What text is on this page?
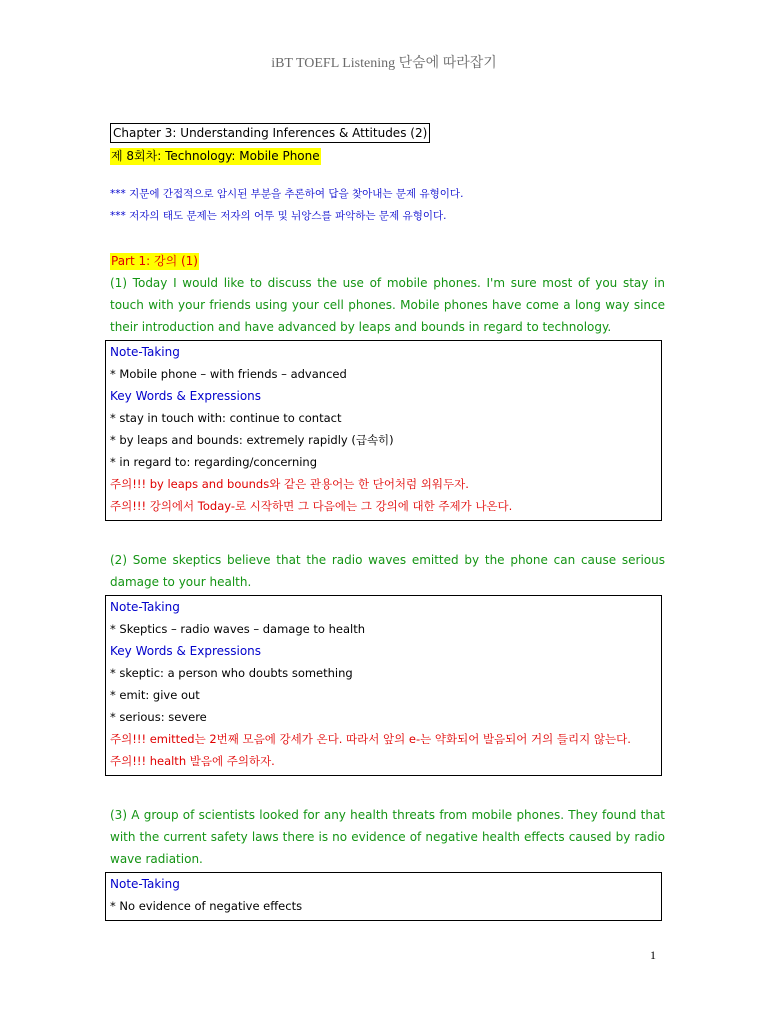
iBT TOEFL Listening 단숨에 따라잡기
Chapter 3: Understanding Inferences & Attitudes (2)
제 8회차: Technology: Mobile Phone
*** 지문에 간접적으로 암시된 부분을 추론하여 답을 찾아내는 문제 유형이다.
*** 저자의 태도 문제는 저자의 어투 및 뉘앙스를 파악하는 문제 유형이다.
Part 1: 강의 (1)
(1) Today I would like to discuss the use of mobile phones. I'm sure most of you stay in touch with your friends using your cell phones. Mobile phones have come a long way since their introduction and have advanced by leaps and bounds in regard to technology.
Note-Taking
* Mobile phone – with friends – advanced
Key Words & Expressions
* stay in touch with: continue to contact
* by leaps and bounds: extremely rapidly (급속히)
* in regard to: regarding/concerning
주의!!! by leaps and bounds와 같은 관용어는 한 단어처럼 외워두자.
주의!!! 강의에서 Today-로 시작하면 그 다음에는 그 강의에 대한 주제가 나온다.
(2) Some skeptics believe that the radio waves emitted by the phone can cause serious damage to your health.
Note-Taking
* Skeptics – radio waves – damage to health
Key Words & Expressions
* skeptic: a person who doubts something
* emit: give out
* serious: severe
주의!!! emitted는 2번째 모음에 강세가 온다. 따라서 앞의 e-는 약화되어 발음되어 거의 들리지 않는다.
주의!!! health 발음에 주의하자.
(3) A group of scientists looked for any health threats from mobile phones. They found that with the current safety laws there is no evidence of negative health effects caused by radio wave radiation.
Note-Taking
* No evidence of negative effects
1
